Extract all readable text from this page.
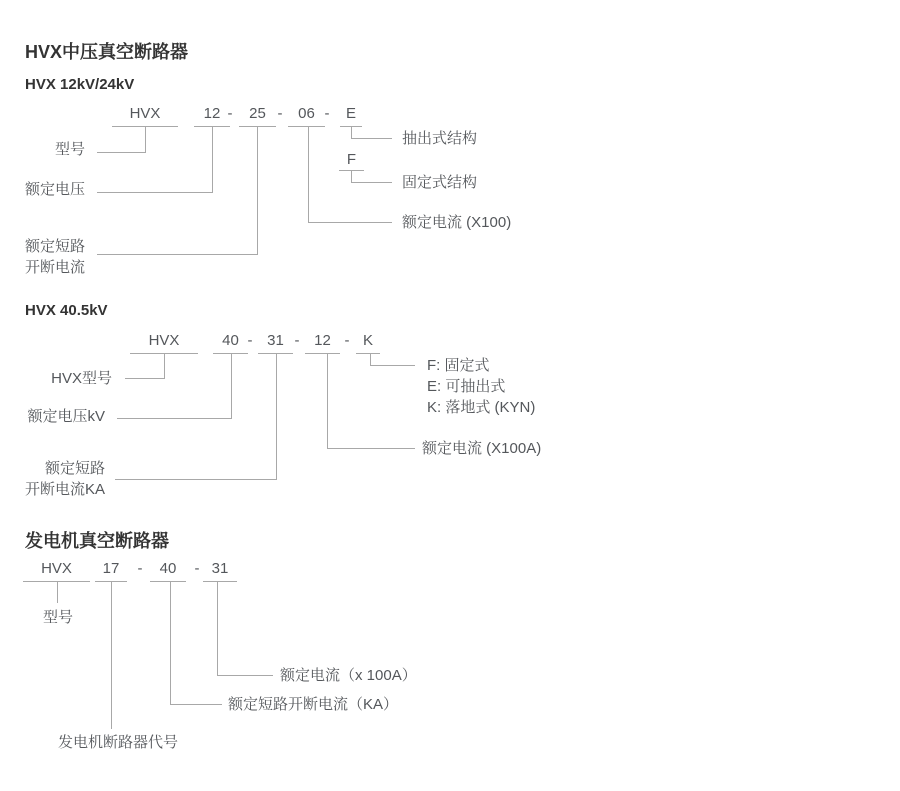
HVX中压真空断路器
HVX 12kV/24kV
HVX	12 -	25 -	06 -	E
F
型号
额定电压
额定短路
开断电流
抽出式结构
固定式结构
额定电流 (X100)
HVX 40.5kV
HVX	40 - 31 - 12 - K
HVX型号
额定电压kV
额定短路
开断电流KA
F: 固定式
E: 可抽出式
K: 落地式 (KYN)
额定电流 (X100A)
发电机真空断路器
HVX	17	-	40	- 31
型号
额定电流（x 100A）
额定短路开断电流（KA）
发电机断路器代号
